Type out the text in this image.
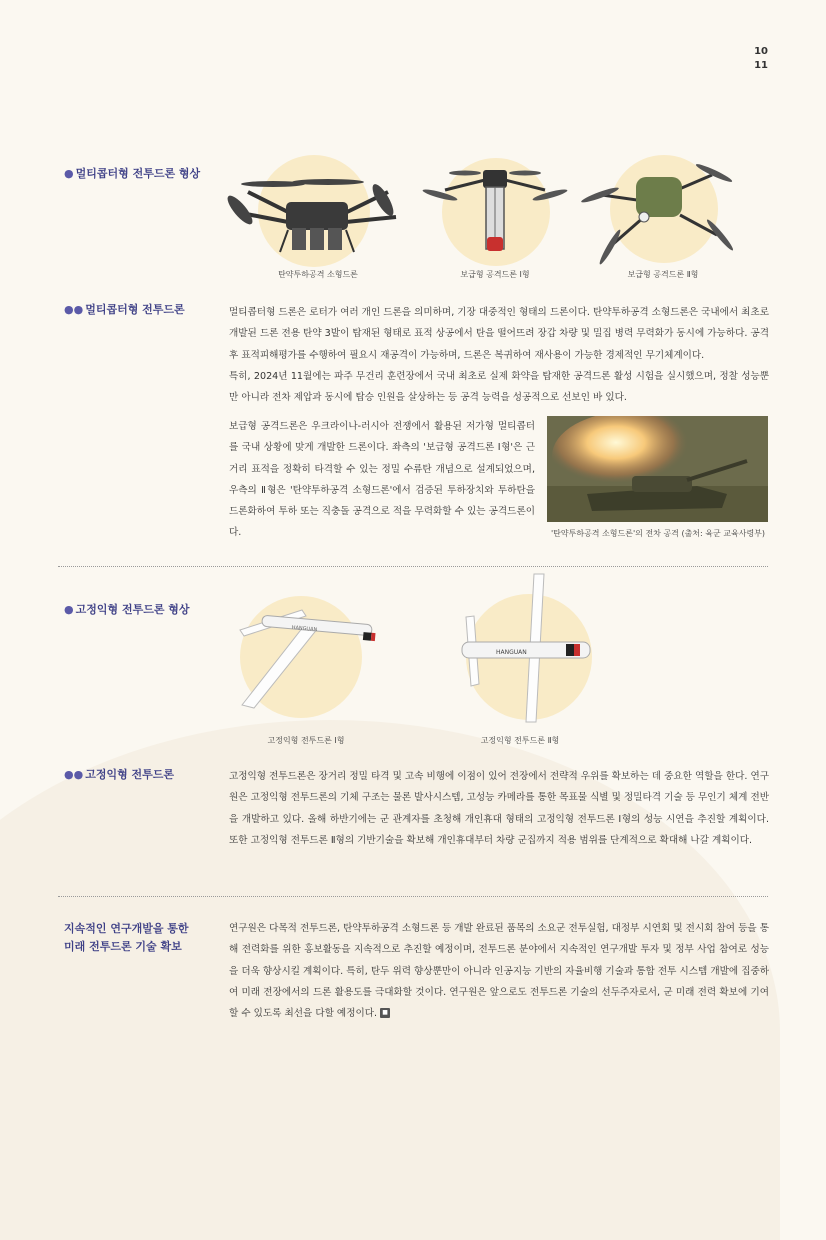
10
11
● 멀티콥터형 전투드론 형상
탄약투하공격 소형드론	보급형 공격드론 Ⅰ형	보급형 공격드론 Ⅱ형
●● 멀티콥터형 전투드론	멀티콥터형 드론은 로터가 여러 개인 드론을 의미하며, 기장 대중적인 형태의 드론이다. 탄약투하공격 소형드론은 국내에서 최초로 개발된 드론 전용 탄약 3발이 탑재된 형태로 표적 상공에서 탄을 떨어뜨려 장갑 차량 및 밀집 병력 무력화가 동시에 가능하다. 공격 후 표적피해평가를 수행하여 필요시 재공격이 가능하며, 드론은 복귀하여 재사용이 가능한 경제적인 무기체계이다.

특히, 2024년 11월에는 파주 무건리 훈련장에서 국내 최초로 실제 화약을 탑재한 공격드론 활성 시험을 실시했으며, 정찰 성능뿐만 아니라 전차 제압과 동시에 탑승 인원을 살상하는 등 공격 능력을 성공적으로 선보인 바 있다.

보급형 공격드론은 우크라이나-러시아 전쟁에서 활용된 저가형 멀티콥터를 국내 상황에 맞게 개발한 드론이다. 좌측의 '보급형 공격드론 Ⅰ형'은 근거리 표적을 정확히 타격할 수 있는 정밀 수류탄 개념으로 설계되었으며, 우측의 Ⅱ형은 '탄약투하공격 소형드론'에서 검증된 투하장치와 투하탄을 드론화하여 투하 또는 직충돌 공격으로 적을 무력화할 수 있는 공격드론이다.	'탄약투하공격 소형드론'의 전차 공격 (출처: 육군 교육사령부)
● 고정익형 전투드론 형상
HANGUAN
HANGUAN
고정익형 전투드론 Ⅰ형	고정익형 전투드론 Ⅱ형
●● 고정익형 전투드론	고정익형 전투드론은 장거리 정밀 타격 및 고속 비행에 이점이 있어 전장에서 전략적 우위를 확보하는 데 중요한 역할을 한다. 연구원은 고정익형 전투드론의 기체 구조는 물론 발사시스템, 고성능 카메라를 통한 목표물 식별 및 정밀타격 기술 등 무인기 체계 전반을 개발하고 있다. 올해 하반기에는 군 관계자를 초청해 개인휴대 형태의 고정익형 전투드론 Ⅰ형의 성능 시연을 추진할 계획이다. 또한 고정익형 전투드론 Ⅱ형의 기반기술을 확보해 개인휴대부터 차량 군집까지 적용 범위를 단계적으로 확대해 나갈 계획이다.

지속적인 연구개발을 통한
미래 전투드론 기술 확보

연구원은 다목적 전투드론, 탄약투하공격 소형드론 등 개발 완료된 품목의 소요군 전투실험, 대정부 시연회 및 전시회 참여 등을 통해 전력화를 위한 홍보활동을 지속적으로 추진할 예정이며, 전투드론 분야에서 지속적인 연구개발 투자 및 정부 사업 참여로 성능을 더욱 향상시킬 계획이다. 특히, 탄두 위력 향상뿐만이 아니라 인공지능 기반의 자율비행 기술과 통합 전투 시스템 개발에 집중하여 미래 전장에서의 드론 활용도를 극대화할 것이다. 연구원은 앞으로도 전투드론 기술의 선두주자로서, 군 미래 전력 확보에 기여할 수 있도록 최선을 다할 예정이다. ■
